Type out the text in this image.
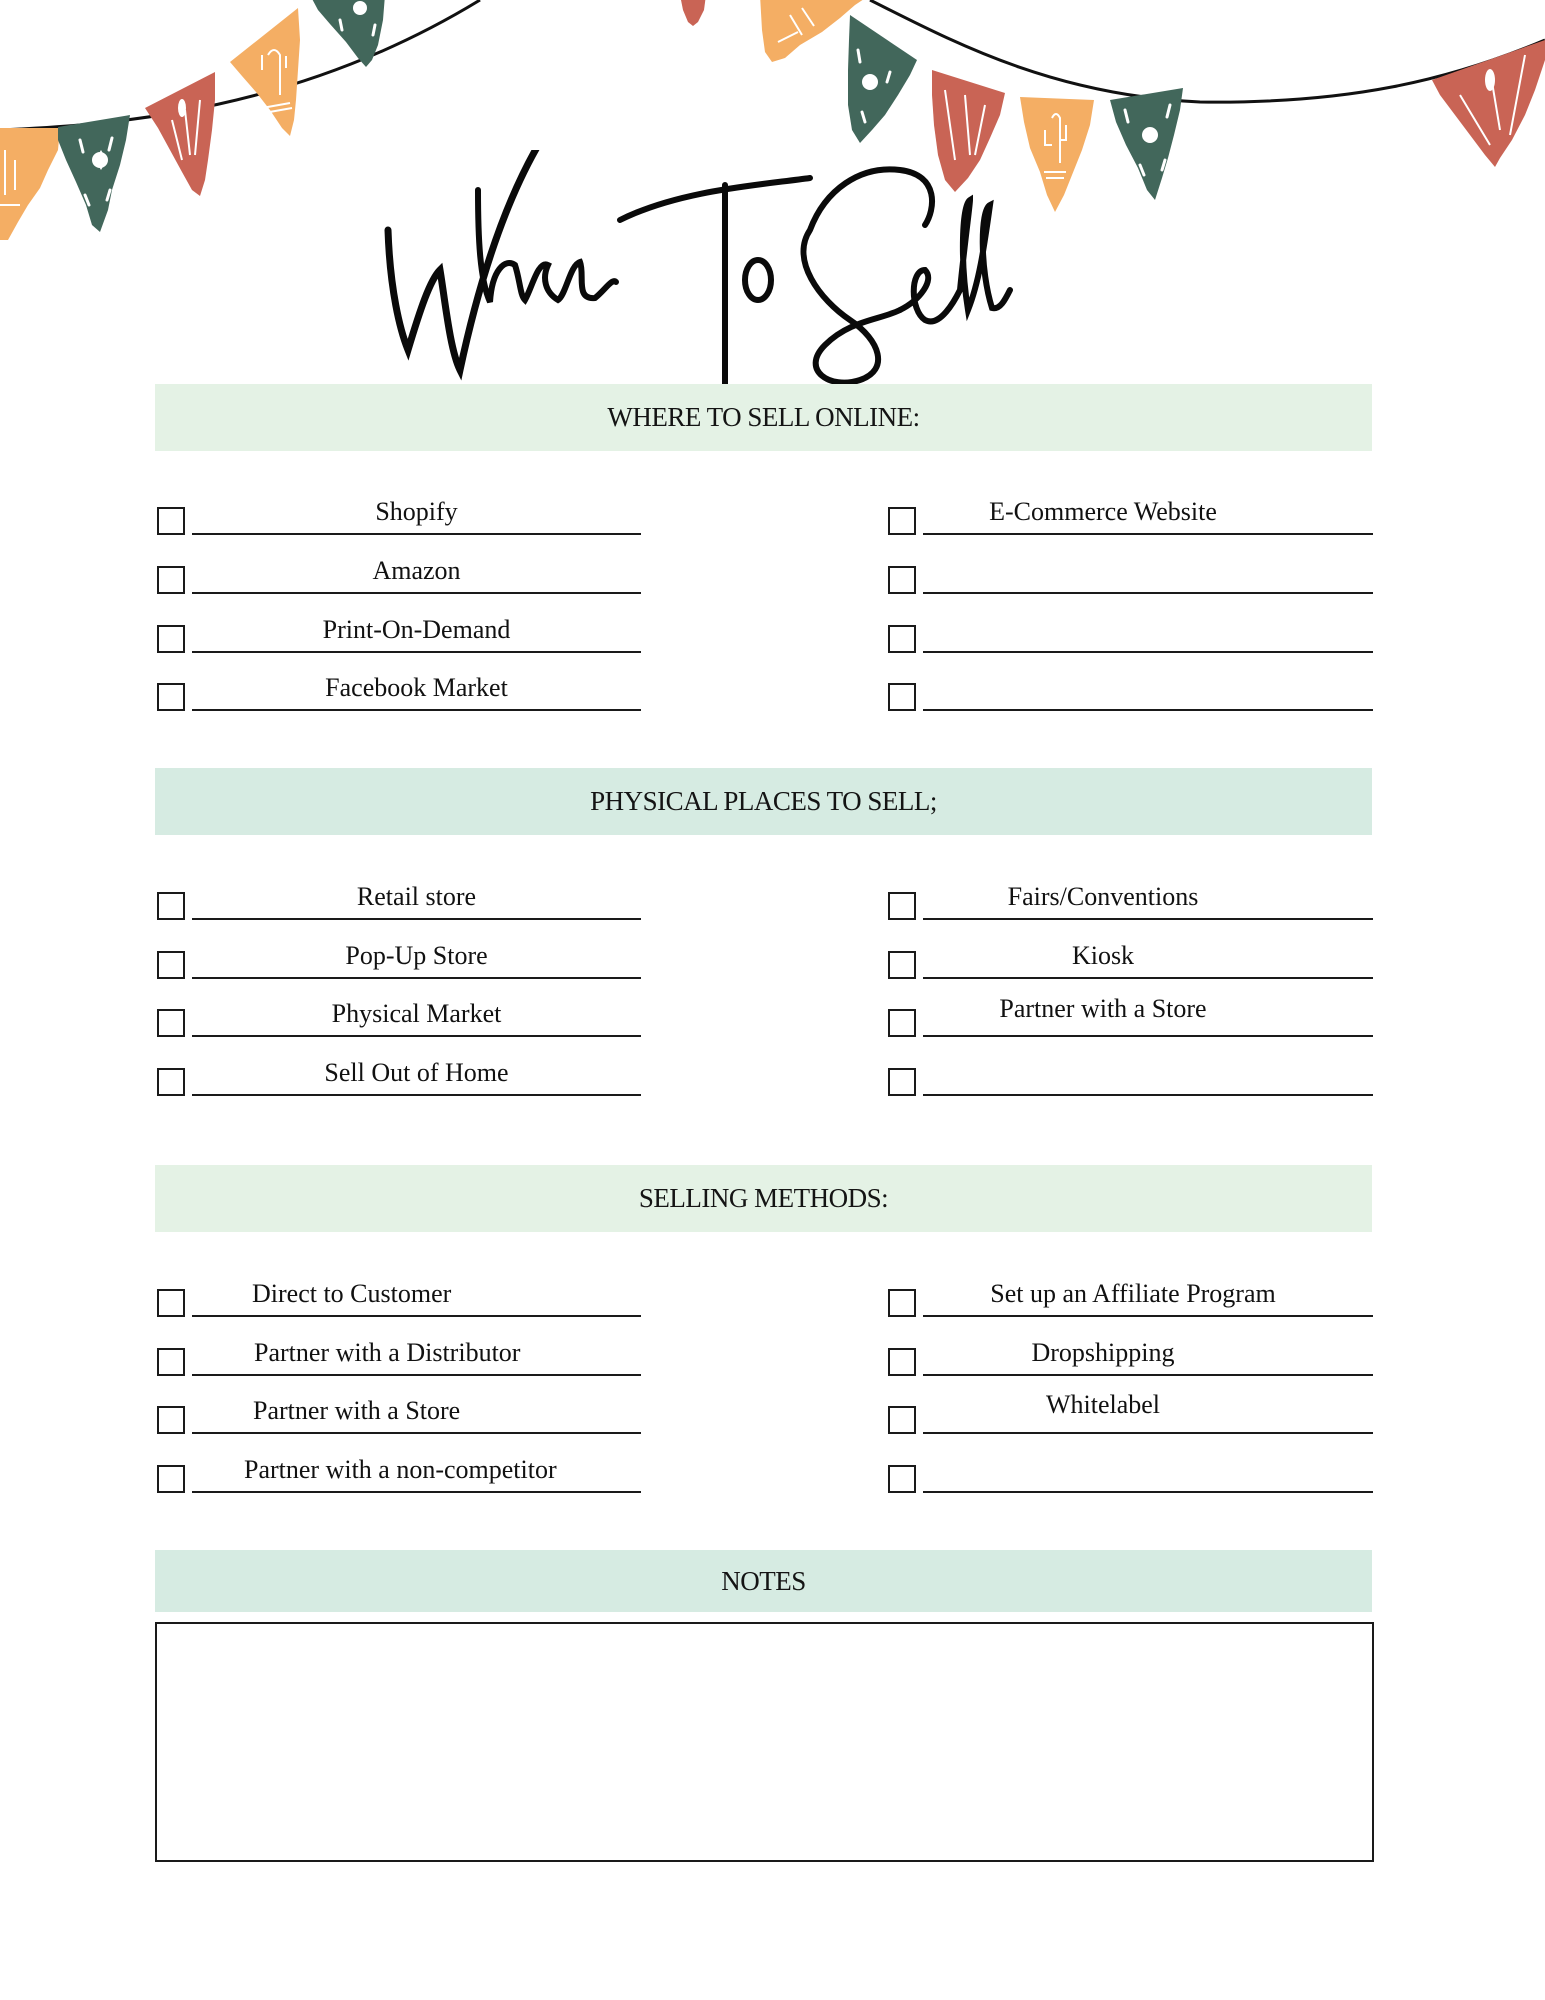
WHERE TO SELL ONLINE:
Shopify
Amazon
Print-On-Demand
Facebook Market
E-Commerce Website
PHYSICAL PLACES TO SELL;
Retail store
Pop-Up Store
Physical Market
Sell Out of Home
Fairs/Conventions
Kiosk
Partner with a Store
SELLING METHODS:
Direct to Customer
Partner with a Distributor
Partner with a Store
Partner with a non-competitor
Set up an Affiliate Program
Dropshipping
Whitelabel
NOTES
